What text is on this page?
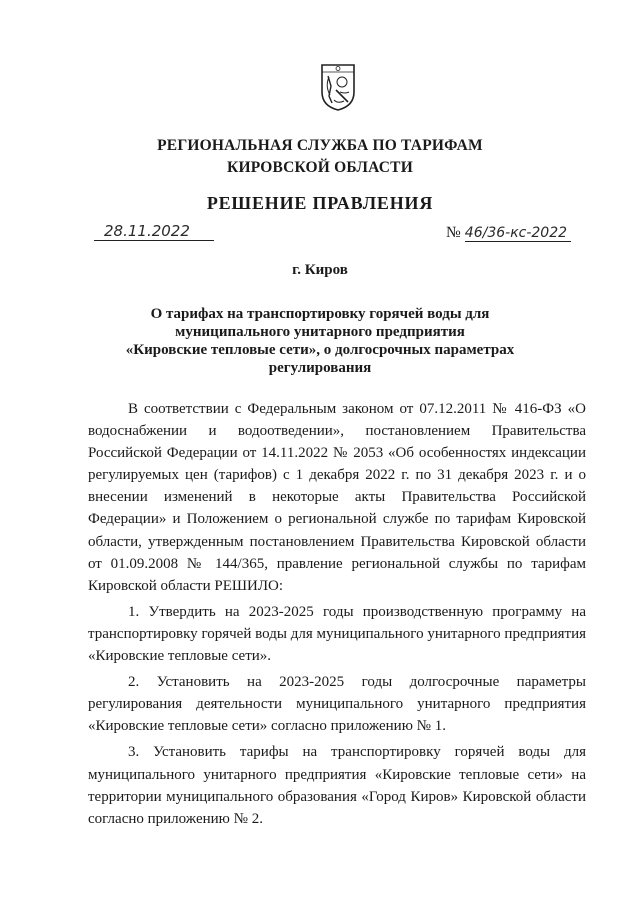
РЕГИОНАЛЬНАЯ СЛУЖБА ПО ТАРИФАМ
КИРОВСКОЙ ОБЛАСТИ
РЕШЕНИЕ ПРАВЛЕНИЯ
28.11.2022	№ 46/36-кс-2022
г. Киров
О тарифах на транспортировку горячей воды для
муниципального унитарного предприятия
«Кировские тепловые сети», о долгосрочных параметрах
регулирования

В соответствии с Федеральным законом от 07.12.2011 № 416-ФЗ «О водоснабжении и водоотведении», постановлением Правительства Российской Федерации от 14.11.2022 № 2053 «Об особенностях индексации регулируемых цен (тарифов) с 1 декабря 2022 г. по 31 декабря 2023 г. и о внесении изменений в некоторые акты Правительства Российской Федерации» и Положением о региональной службе по тарифам Кировской области, утвержденным постановлением Правительства Кировской области от 01.09.2008 № 144/365, правление региональной службы по тарифам Кировской области РЕШИЛО:

1. Утвердить на 2023-2025 годы производственную программу на транспортировку горячей воды для муниципального унитарного предприятия «Кировские тепловые сети».

2. Установить на 2023-2025 годы долгосрочные параметры регулирования деятельности муниципального унитарного предприятия «Кировские тепловые сети» согласно приложению № 1.

3. Установить тарифы на транспортировку горячей воды для муниципального унитарного предприятия «Кировские тепловые сети» на территории муниципального образования «Город Киров» Кировской области согласно приложению № 2.
